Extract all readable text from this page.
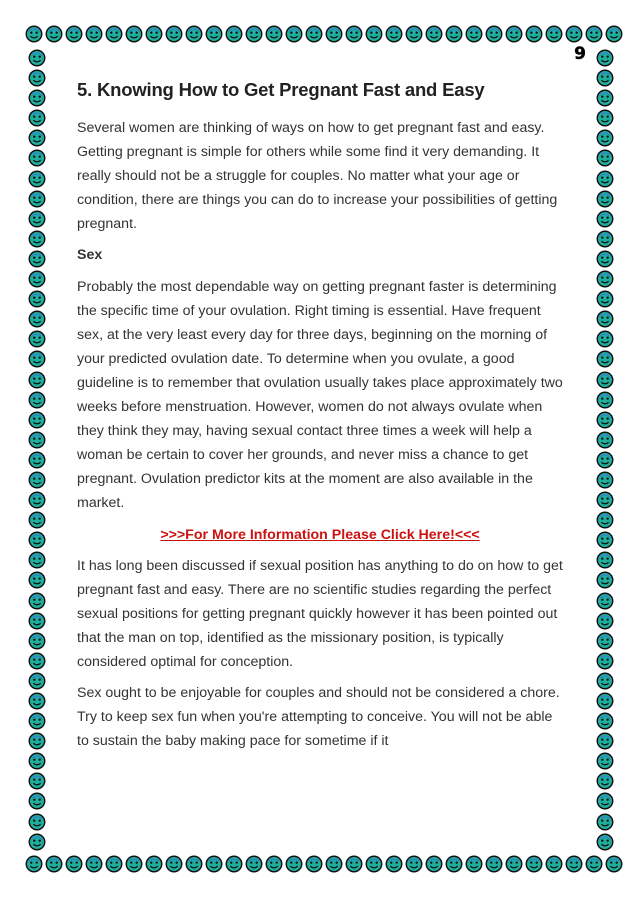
9
5. Knowing How to Get Pregnant Fast and Easy

Several women are thinking of ways on how to get pregnant fast and easy. Getting pregnant is simple for others while some find it very demanding. It really should not be a struggle for couples. No matter what your age or condition, there are things you can do to increase your possibilities of getting pregnant.

Sex

Probably the most dependable way on getting pregnant faster is determining the specific time of your ovulation. Right timing is essential. Have frequent sex, at the very least every day for three days, beginning on the morning of your predicted ovulation date. To determine when you ovulate, a good guideline is to remember that ovulation usually takes place approximately two weeks before menstruation. However, women do not always ovulate when they think they may, having sexual contact three times a week will help a woman be certain to cover her grounds, and never miss a chance to get pregnant. Ovulation predictor kits at the moment are also available in the market.

>>>For More Information Please Click Here!<<<

It has long been discussed if sexual position has anything to do on how to get pregnant fast and easy. There are no scientific studies regarding the perfect sexual positions for getting pregnant quickly however it has been pointed out that the man on top, identified as the missionary position, is typically considered optimal for conception.

Sex ought to be enjoyable for couples and should not be considered a chore. Try to keep sex fun when you're attempting to conceive. You will not be able to sustain the baby making pace for sometime if it
